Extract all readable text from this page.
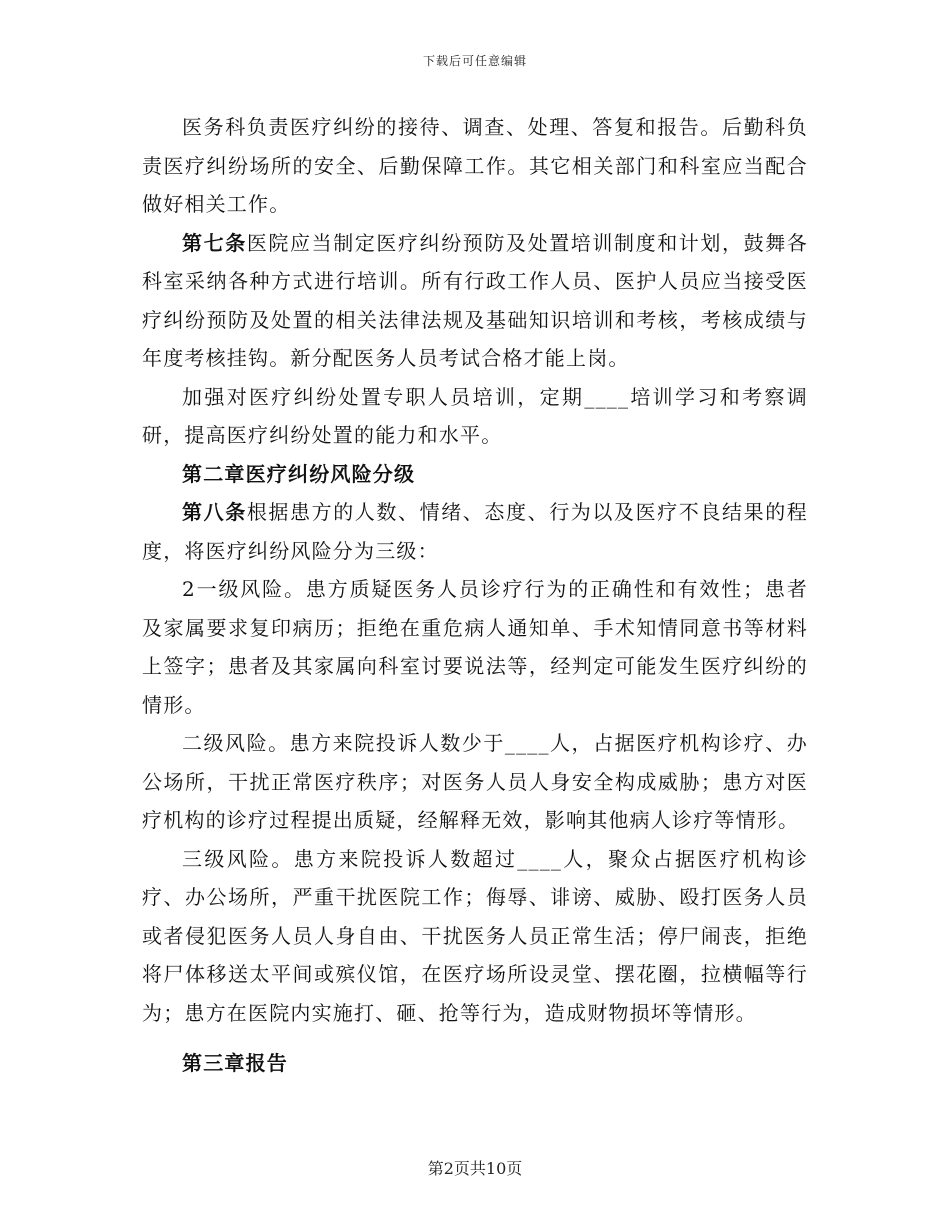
下载后可任意编辑

医务科负责医疗纠纷的接待、调查、处理、答复和报告。后勤科负责医疗纠纷场所的安全、后勤保障工作。其它相关部门和科室应当配合做好相关工作。

第七条医院应当制定医疗纠纷预防及处置培训制度和计划，鼓舞各科室采纳各种方式进行培训。所有行政工作人员、医护人员应当接受医疗纠纷预防及处置的相关法律法规及基础知识培训和考核，考核成绩与年度考核挂钩。新分配医务人员考试合格才能上岗。

加强对医疗纠纷处置专职人员培训，定期____培训学习和考察调研，提高医疗纠纷处置的能力和水平。

第二章医疗纠纷风险分级

第八条根据患方的人数、情绪、态度、行为以及医疗不良结果的程度，将医疗纠纷风险分为三级：

2一级风险。患方质疑医务人员诊疗行为的正确性和有效性；患者及家属要求复印病历；拒绝在重危病人通知单、手术知情同意书等材料上签字；患者及其家属向科室讨要说法等，经判定可能发生医疗纠纷的情形。

二级风险。患方来院投诉人数少于____人，占据医疗机构诊疗、办公场所，干扰正常医疗秩序；对医务人员人身安全构成威胁；患方对医疗机构的诊疗过程提出质疑，经解释无效，影响其他病人诊疗等情形。

三级风险。患方来院投诉人数超过____人，聚众占据医疗机构诊疗、办公场所，严重干扰医院工作；侮辱、诽谤、威胁、殴打医务人员或者侵犯医务人员人身自由、干扰医务人员正常生活；停尸闹丧，拒绝将尸体移送太平间或殡仪馆，在医疗场所设灵堂、摆花圈，拉横幅等行为；患方在医院内实施打、砸、抢等行为，造成财物损坏等情形。

第三章报告

第2页共10页
